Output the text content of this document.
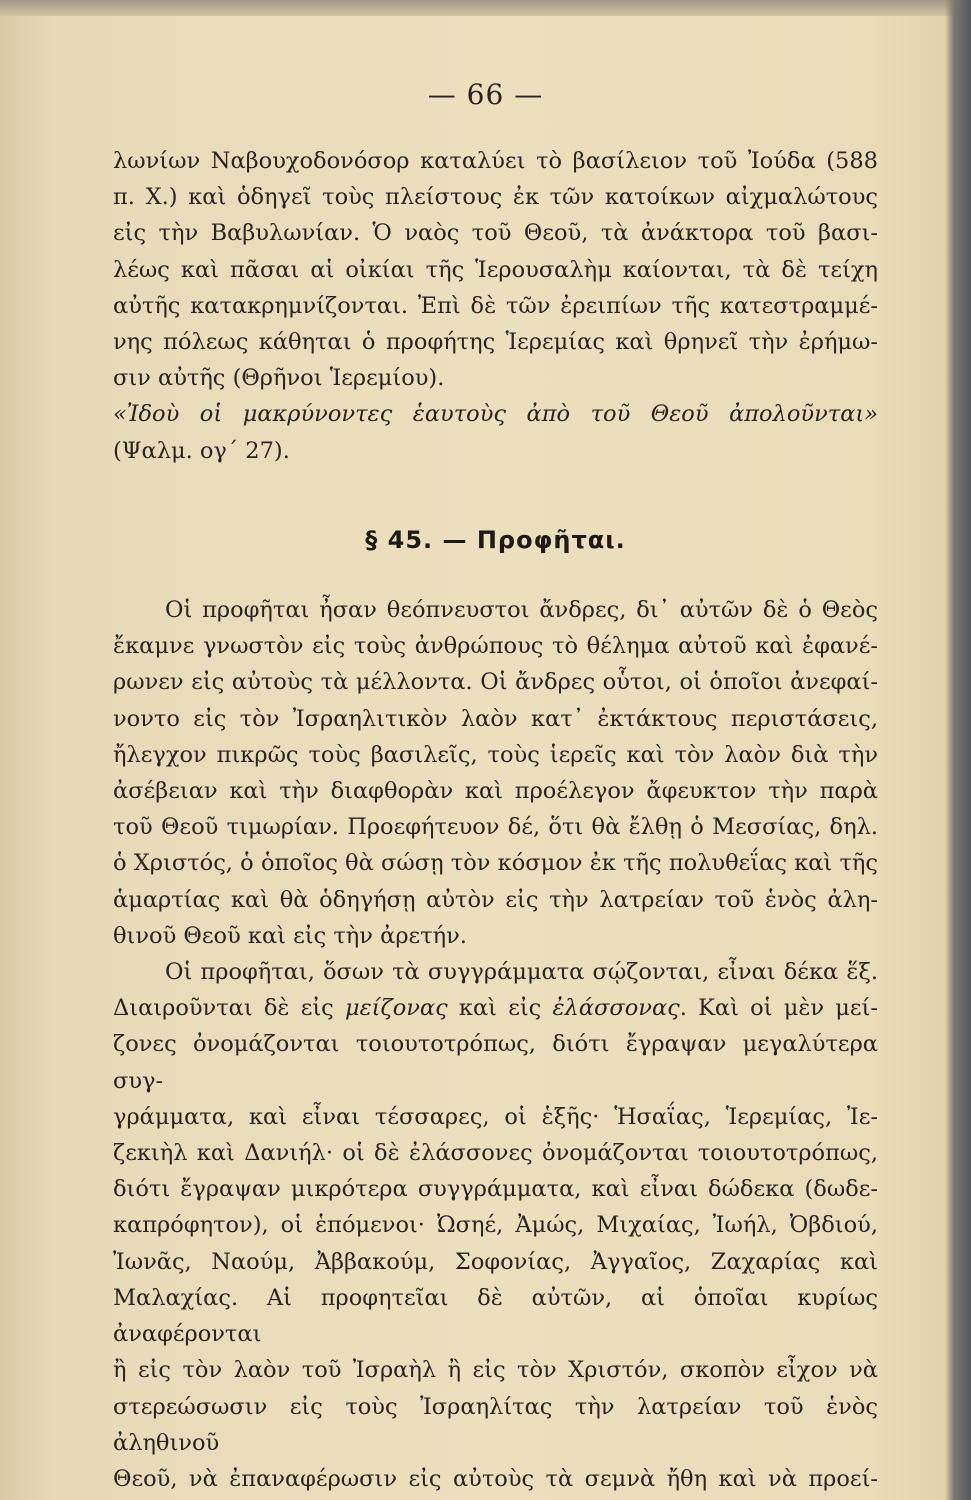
— 66 —

λωνίων Ναβουχοδονόσορ καταλύει τὸ βασίλειον τοῦ Ἰούδα (588

π. Χ.) καὶ ὁδηγεῖ τοὺς πλείστους ἐκ τῶν κατοίκων αἰχμαλώτους

εἰς τὴν Βαβυλωνίαν. Ὁ ναὸς τοῦ Θεοῦ, τὰ ἀνάκτορα τοῦ βασι-

λέως καὶ πᾶσαι αἱ οἰκίαι τῆς Ἱερουσαλὴμ καίονται, τὰ δὲ τείχη

αὐτῆς κατακρημνίζονται. Ἐπὶ δὲ τῶν ἐρειπίων τῆς κατεστραμμέ-

νης πόλεως κάθηται ὁ προφήτης Ἱερεμίας καὶ θρηνεῖ τὴν ἐρήμω-

σιν αὐτῆς (Θρῆνοι Ἱερεμίου).

«Ἰδοὺ οἱ μακρύνοντες ἑαυτοὺς ἀπὸ τοῦ Θεοῦ ἀπολοῦνται»

(Ψαλμ. ογ´ 27).

§ 45. — Προφῆται.

Οἱ προφῆται ἦσαν θεόπνευστοι ἄνδρες, δι᾽ αὐτῶν δὲ ὁ Θεὸς

ἔκαμνε γνωστὸν εἰς τοὺς ἀνθρώπους τὸ θέλημα αὐτοῦ καὶ ἐφανέ-

ρωνεν εἰς αὐτοὺς τὰ μέλλοντα. Οἱ ἄνδρες οὗτοι, οἱ ὁποῖοι ἀνεφαί-

νοντο εἰς τὸν Ἰσραηλιτικὸν λαὸν κατ᾽ ἐκτάκτους περιστάσεις,

ἤλεγχον πικρῶς τοὺς βασιλεῖς, τοὺς ἱερεῖς καὶ τὸν λαὸν διὰ τὴν

ἀσέβειαν καὶ τὴν διαφθορὰν καὶ προέλεγον ἄφευκτον τὴν παρὰ

τοῦ Θεοῦ τιμωρίαν. Προεφήτευον δέ, ὅτι θὰ ἔλθῃ ὁ Μεσσίας, δηλ.

ὁ Χριστός, ὁ ὁποῖος θὰ σώσῃ τὸν κόσμον ἐκ τῆς πολυθεΐας καὶ τῆς

ἁμαρτίας καὶ θὰ ὁδηγήσῃ αὐτὸν εἰς τὴν λατρείαν τοῦ ἑνὸς ἀλη-

θινοῦ Θεοῦ καὶ εἰς τὴν ἀρετήν.

Οἱ προφῆται, ὅσων τὰ συγγράμματα σῴζονται, εἶναι δέκα ἕξ.

Διαιροῦνται δὲ εἰς μείζονας καὶ εἰς ἐλάσσονας. Καὶ οἱ μὲν μεί-

ζονες ὀνομάζονται τοιουτοτρόπως, διότι ἔγραψαν μεγαλύτερα συγ-

γράμματα, καὶ εἶναι τέσσαρες, οἱ ἑξῆς· Ἡσαΐας, Ἱερεμίας, Ἰε-

ζεκιὴλ καὶ Δανιήλ· οἱ δὲ ἐλάσσονες ὀνομάζονται τοιουτοτρόπως,

διότι ἔγραψαν μικρότερα συγγράμματα, καὶ εἶναι δώδεκα (δωδε-

καπρόφητον), οἱ ἑπόμενοι· Ὠσηέ, Ἀμώς, Μιχαίας, Ἰωήλ, Ὀβδιού,

Ἰωνᾶς, Ναούμ, Ἀββακούμ, Σοφονίας, Ἀγγαῖος, Ζαχαρίας καὶ

Μαλαχίας. Αἱ προφητεῖαι δὲ αὐτῶν, αἱ ὁποῖαι κυρίως ἀναφέρονται

ἢ εἰς τὸν λαὸν τοῦ Ἰσραὴλ ἢ εἰς τὸν Χριστόν, σκοπὸν εἶχον νὰ

στερεώσωσιν εἰς τοὺς Ἰσραηλίτας τὴν λατρείαν τοῦ ἑνὸς ἀληθινοῦ

Θεοῦ, νὰ ἐπαναφέρωσιν εἰς αὐτοὺς τὰ σεμνὰ ἤθη καὶ νὰ προεί-
